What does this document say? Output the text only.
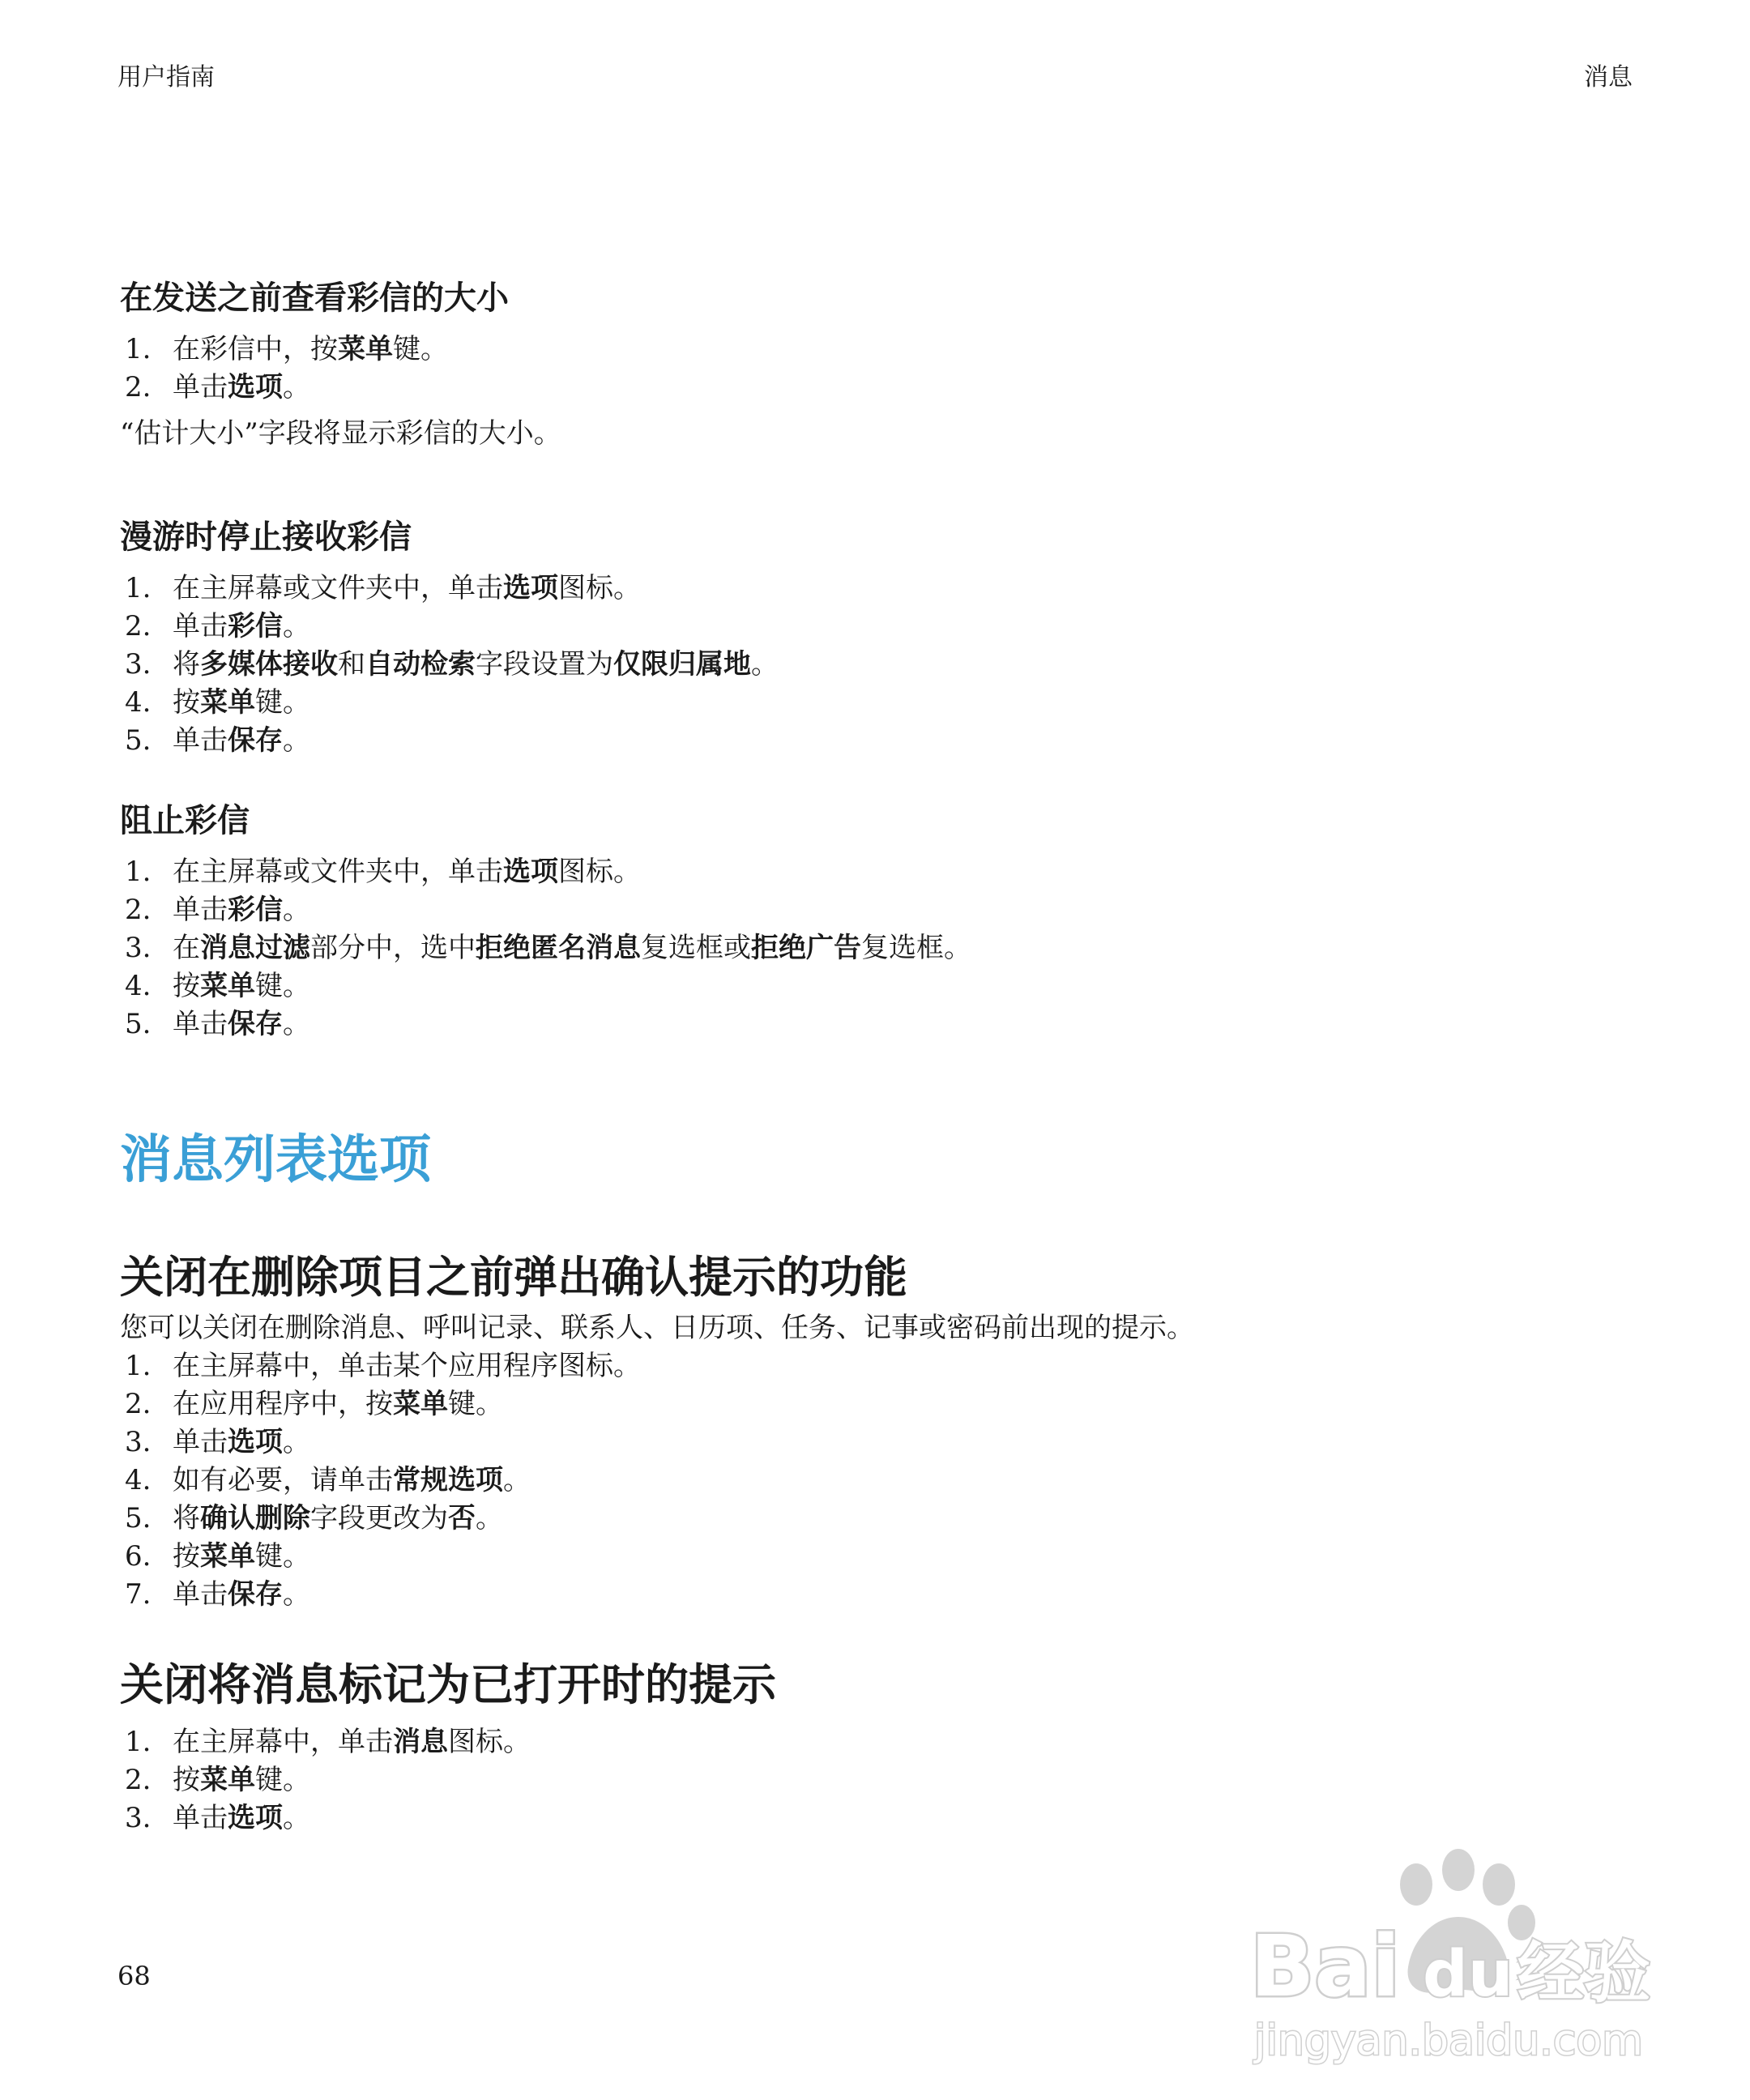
用户指南	消息
在发送之前查看彩信的大小
1. 在彩信中，按菜单键。
2. 单击选项。
“估计大小”字段将显示彩信的大小。
漫游时停止接收彩信
1. 在主屏幕或文件夹中，单击选项图标。
2. 单击彩信。
3. 将多媒体接收和自动检索字段设置为仅限归属地。
4. 按菜单键。
5. 单击保存。
阻止彩信
1. 在主屏幕或文件夹中，单击选项图标。
2. 单击彩信。
3. 在消息过滤部分中，选中拒绝匿名消息复选框或拒绝广告复选框。
4. 按菜单键。
5. 单击保存。
消息列表选项
关闭在删除项目之前弹出确认提示的功能
您可以关闭在删除消息、呼叫记录、联系人、日历项、任务、记事或密码前出现的提示。
1. 在主屏幕中，单击某个应用程序图标。
2. 在应用程序中，按菜单键。
3. 单击选项。
4. 如有必要，请单击常规选项。
5. 将确认删除字段更改为否。
6. 按菜单键。
7. 单击保存。
关闭将消息标记为已打开时的提示
1. 在主屏幕中，单击消息图标。
2. 按菜单键。
3. 单击选项。
68	Bai du 经验
jingyan.baidu.com
